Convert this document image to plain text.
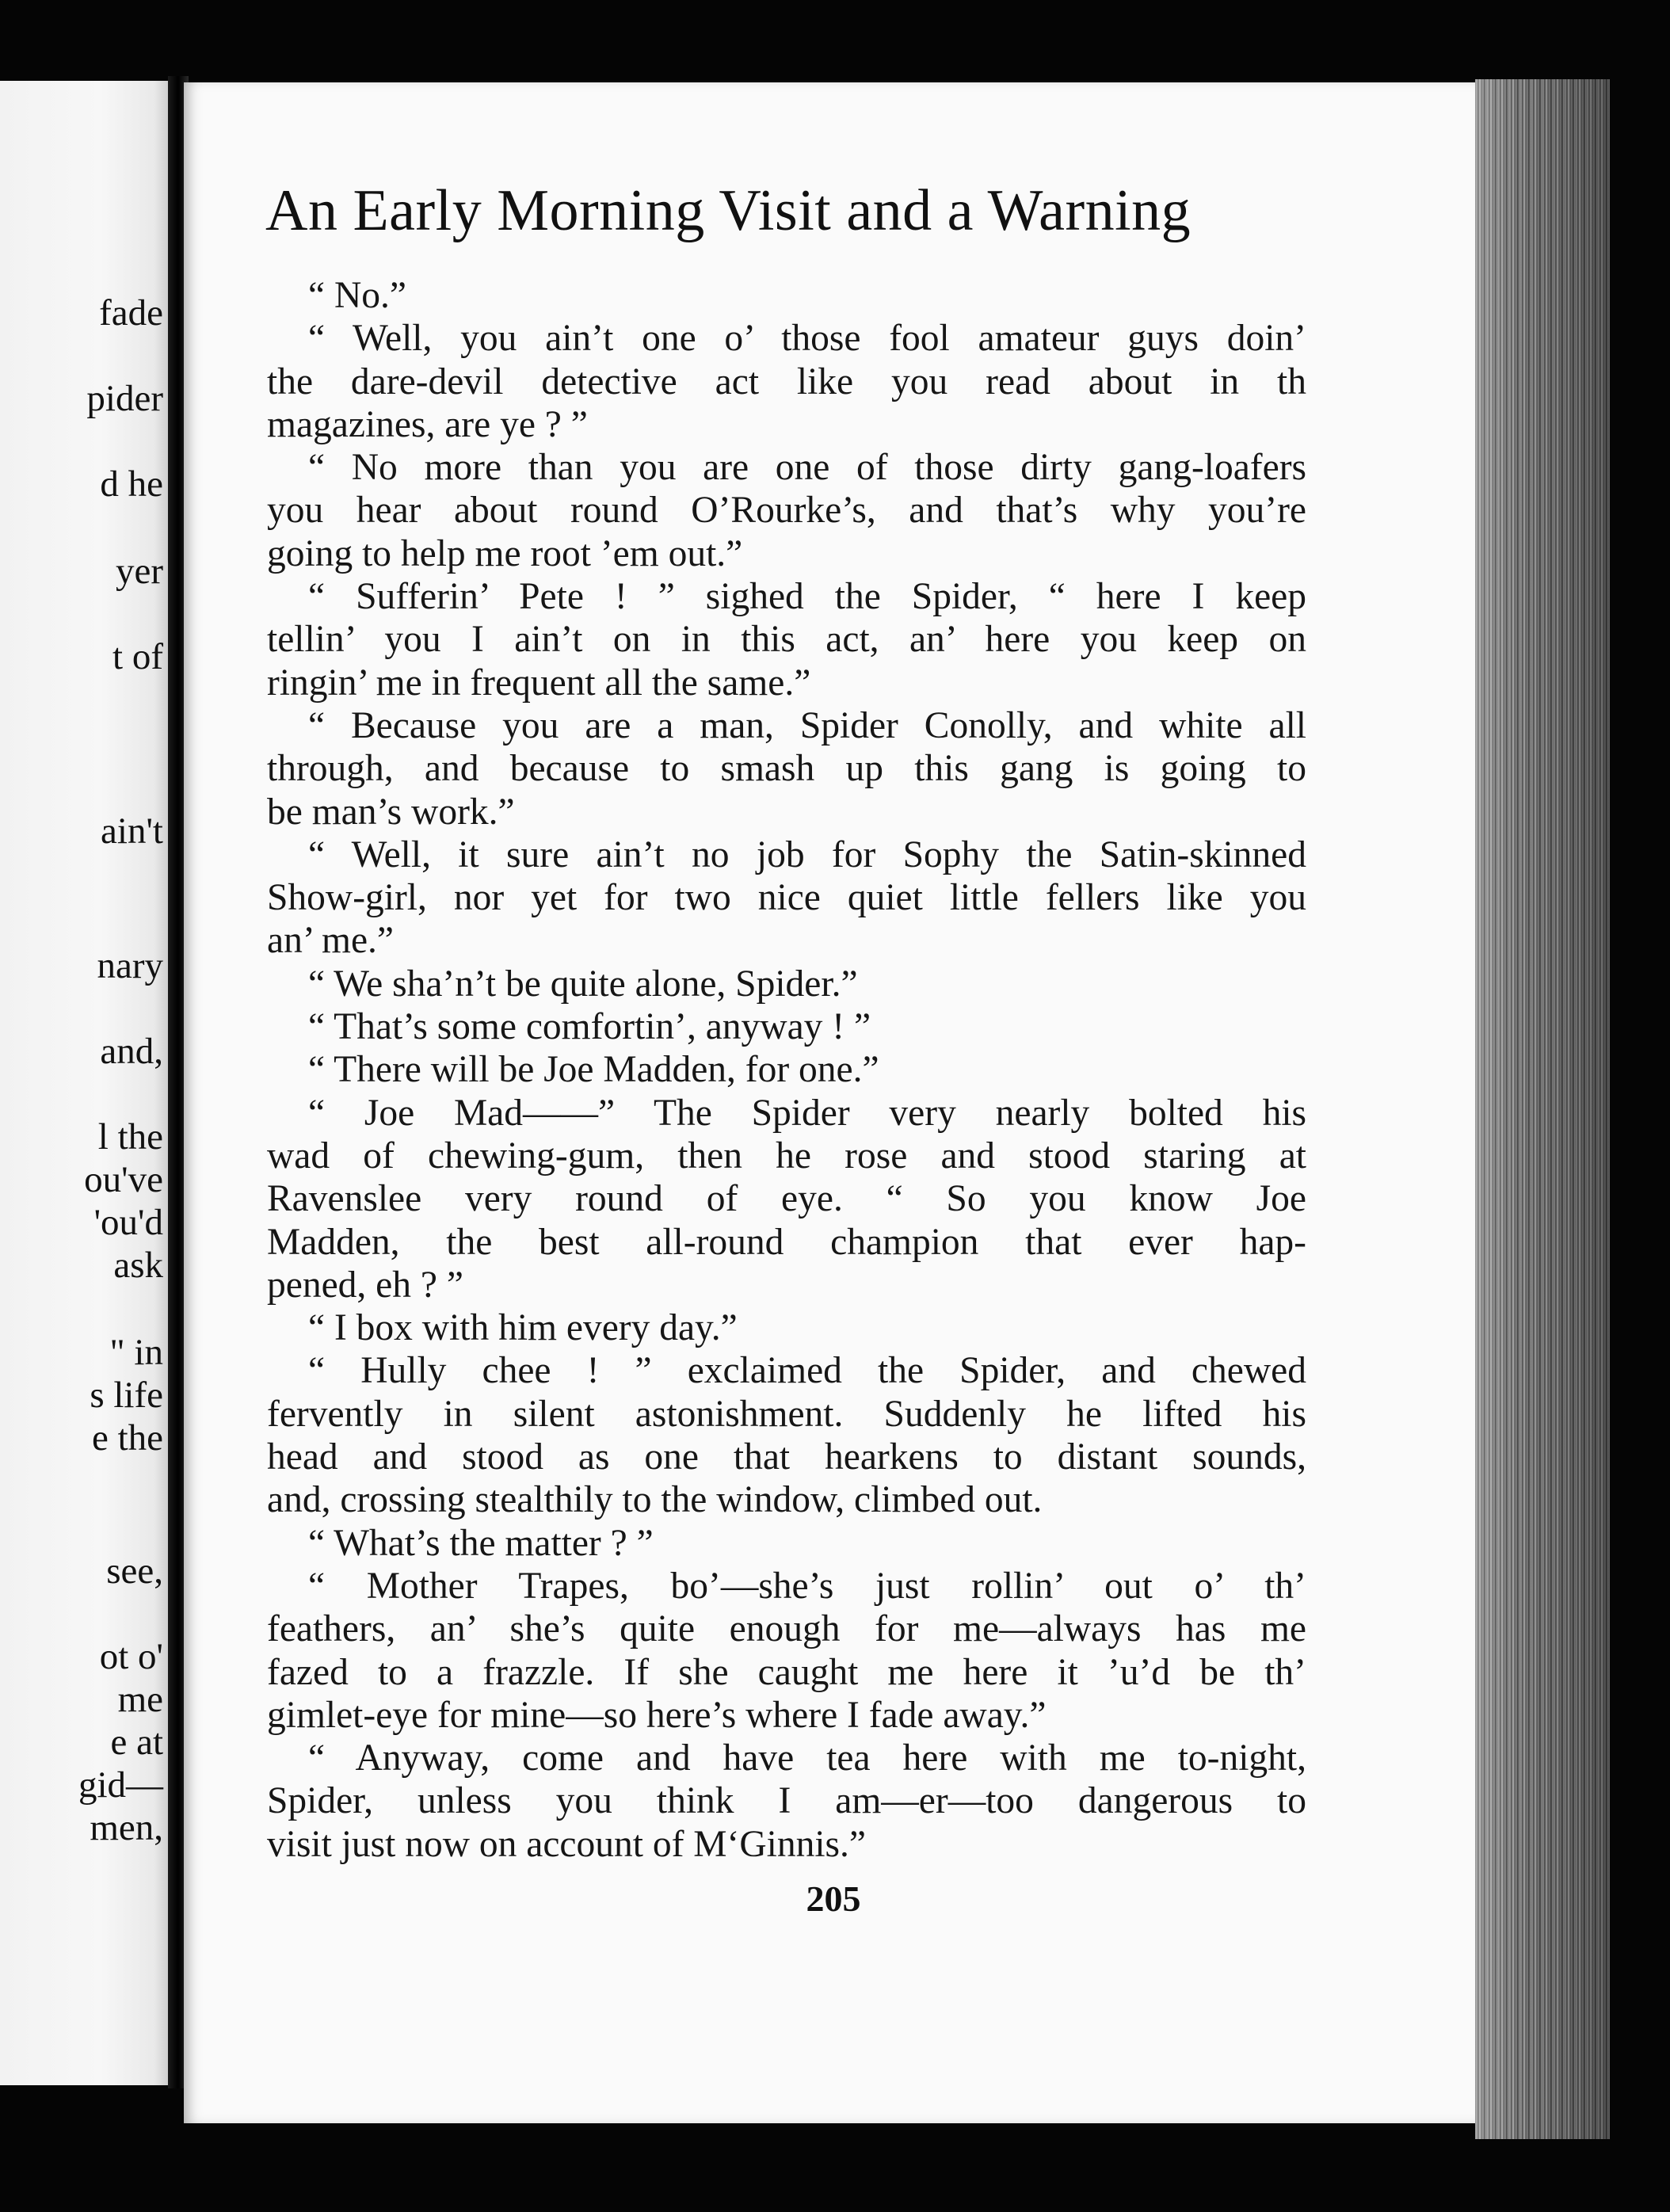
fade
pider
d he
yer
t of
ain't
nary
and,
l the
ou've
'ou'd
ask
" in
s life
e the
see,
ot o'
me
e at
gid—
men,
An Early Morning Visit and a Warning
“ No.”
“ Well, you ain’t one o’ those fool amateur guys doin’
the dare-devil detective act like you read about in th
magazines, are ye ? ”
“ No more than you are one of those dirty gang-loafers
you hear about round O’Rourke’s, and that’s why you’re
going to help me root ’em out.”
“ Sufferin’ Pete ! ” sighed the Spider, “ here I keep
tellin’ you I ain’t on in this act, an’ here you keep on
ringin’ me in frequent all the same.”
“ Because you are a man, Spider Conolly, and white all
through, and because to smash up this gang is going to
be man’s work.”
“ Well, it sure ain’t no job for Sophy the Satin-skinned
Show-girl, nor yet for two nice quiet little fellers like you
an’ me.”
“ We sha’n’t be quite alone, Spider.”
“ That’s some comfortin’, anyway ! ”
“ There will be Joe Madden, for one.”
“ Joe Mad——” The Spider very nearly bolted his
wad of chewing-gum, then he rose and stood staring at
Ravenslee very round of eye. “ So you know Joe
Madden, the best all-round champion that ever hap-
pened, eh ? ”
“ I box with him every day.”
“ Hully chee ! ” exclaimed the Spider, and chewed
fervently in silent astonishment. Suddenly he lifted his
head and stood as one that hearkens to distant sounds,
and, crossing stealthily to the window, climbed out.
“ What’s the matter ? ”
“ Mother Trapes, bo’—she’s just rollin’ out o’ th’
feathers, an’ she’s quite enough for me—always has me
fazed to a frazzle. If she caught me here it ’u’d be th’
gimlet-eye for mine—so here’s where I fade away.”
“ Anyway, come and have tea here with me to-night,
Spider, unless you think I am—er—too dangerous to
visit just now on account of M‘Ginnis.”
205
